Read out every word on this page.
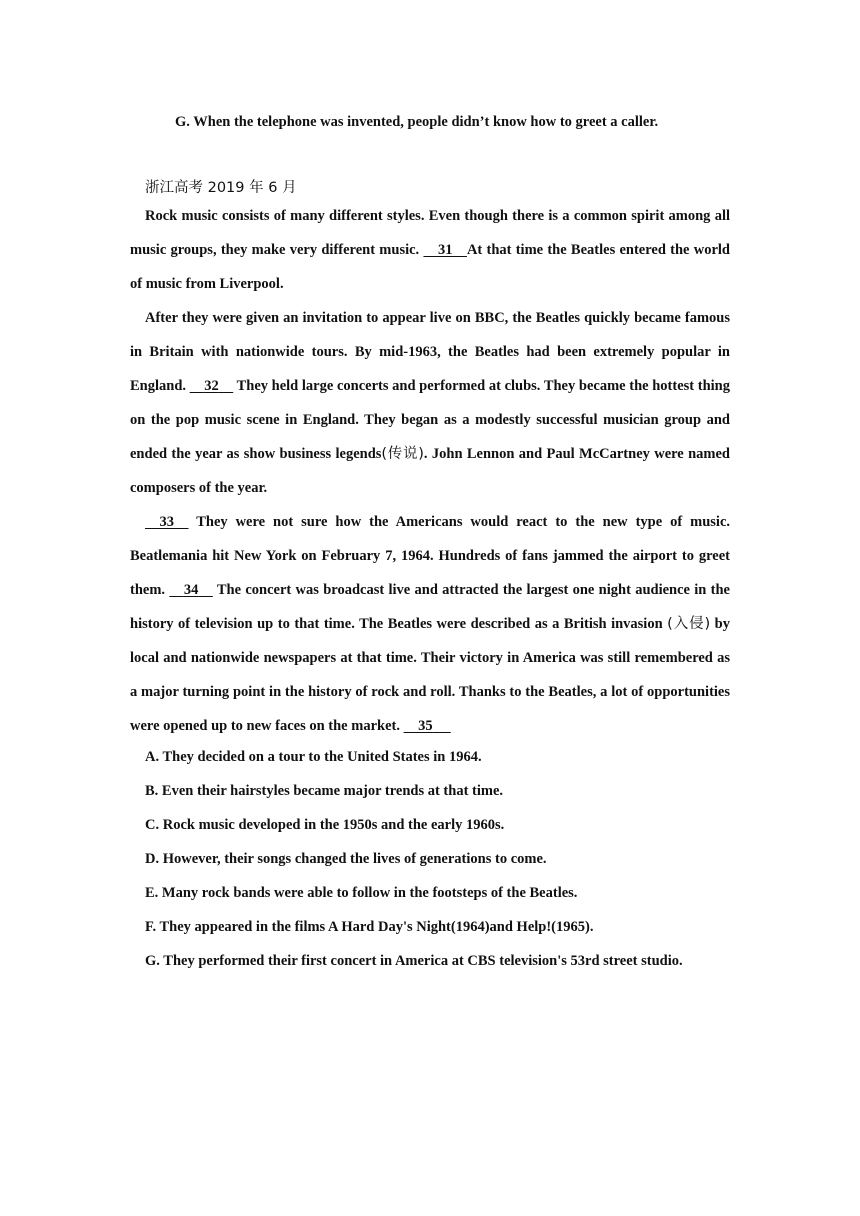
G. When the telephone was invented, people didn’t know how to greet a caller.
浙江高考 2019 年 6 月

Rock music consists of many different styles. Even though there is a common spirit among all music groups, they make very different music. 31 At that time the Beatles entered the world of music from Liverpool.

After they were given an invitation to appear live on BBC, the Beatles quickly became famous in Britain with nationwide tours. By mid-1963, the Beatles had been extremely popular in England. 32 They held large concerts and performed at clubs. They became the hottest thing on the pop music scene in England. They began as a modestly successful musician group and ended the year as show business legends(传说). John Lennon and Paul McCartney were named composers of the year.

33 They were not sure how the Americans would react to the new type of music. Beatlemania hit New York on February 7, 1964. Hundreds of fans jammed the airport to greet them. 34 The concert was broadcast live and attracted the largest one night audience in the history of television up to that time. The Beatles were described as a British invasion (入侵) by local and nationwide newspapers at that time. Their victory in America was still remembered as a major turning point in the history of rock and roll. Thanks to the Beatles, a lot of opportunities were opened up to new faces on the market. 35

A. They decided on a tour to the United States in 1964.
B. Even their hairstyles became major trends at that time.
C. Rock music developed in the 1950s and the early 1960s.
D. However, their songs changed the lives of generations to come.
E. Many rock bands were able to follow in the footsteps of the Beatles.
F. They appeared in the films A Hard Day's Night(1964)and Help!(1965).
G. They performed their first concert in America at CBS television's 53rd street studio.
